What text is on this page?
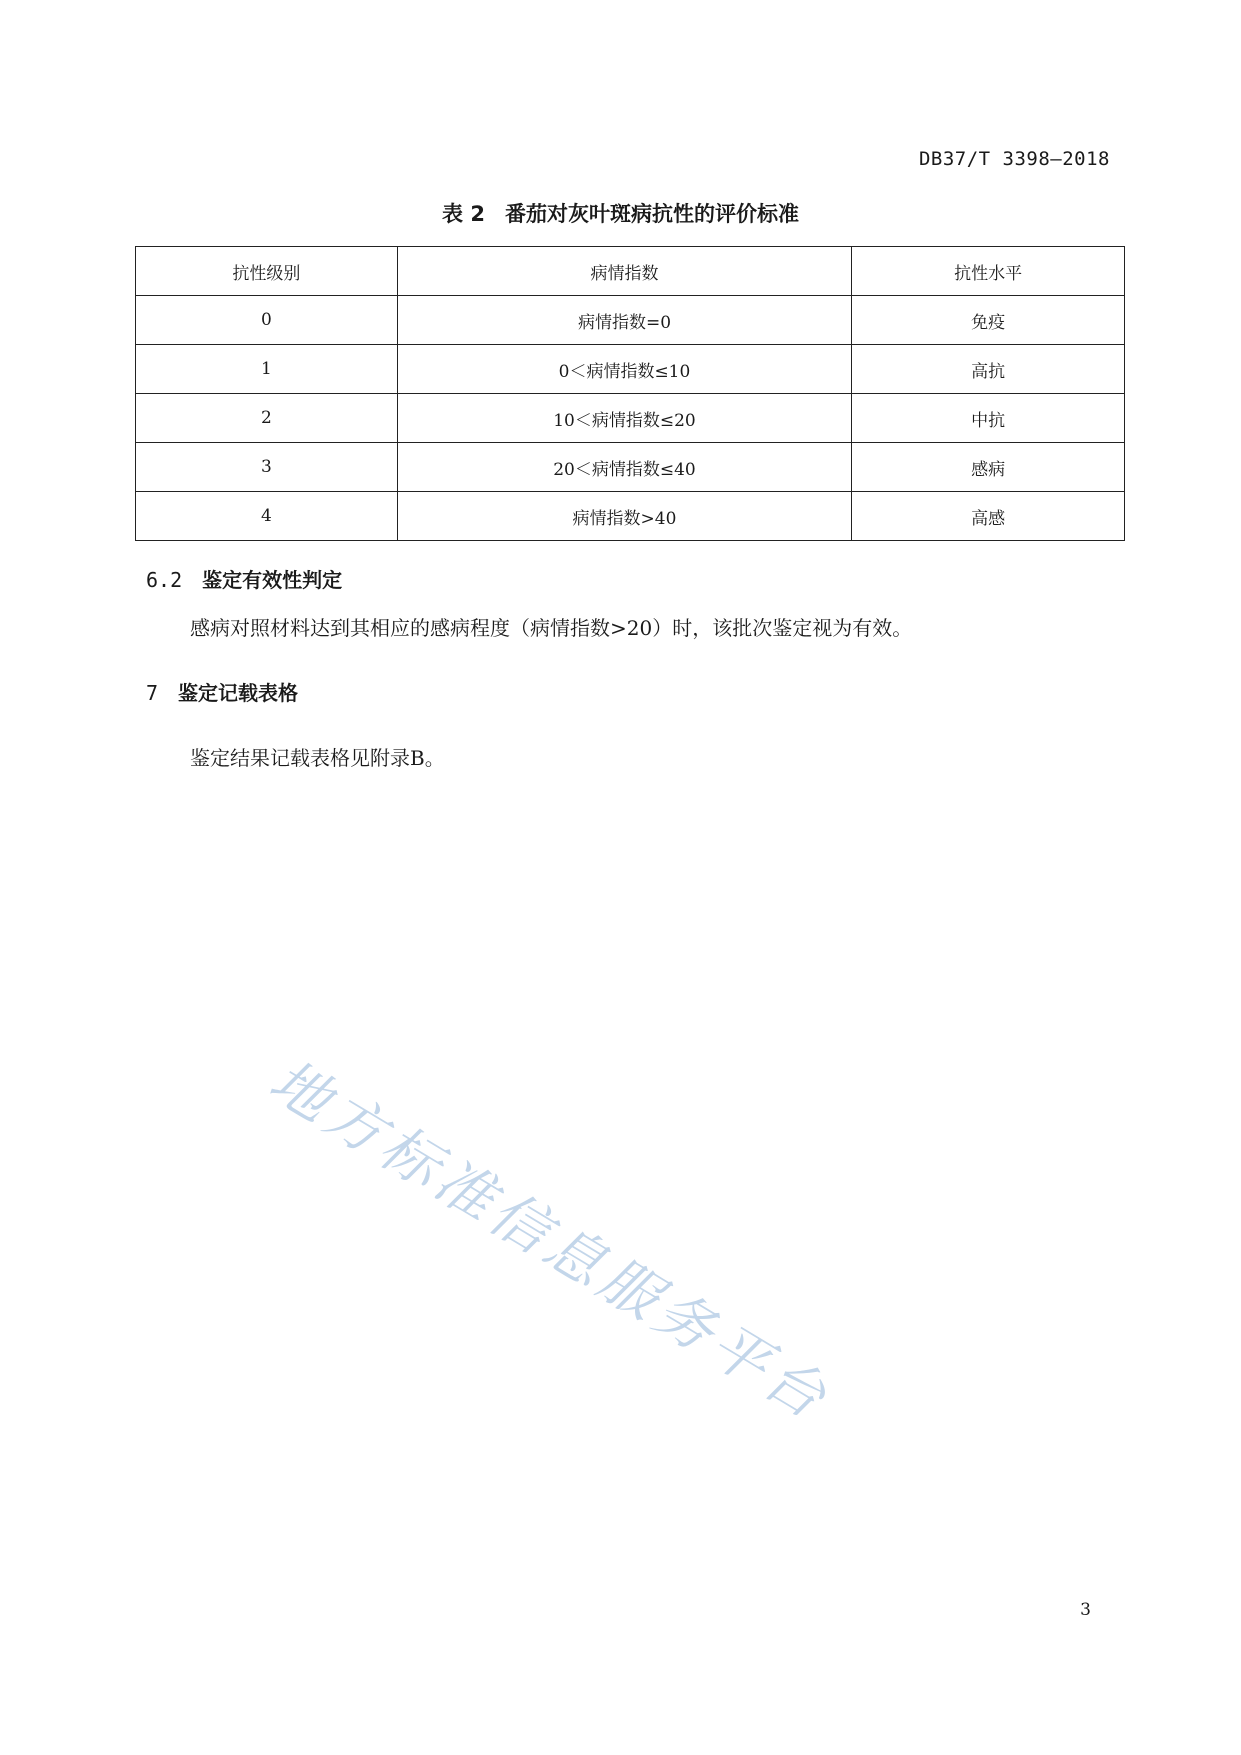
DB37/T 3398—2018
表 2 番茄对灰叶斑病抗性的评价标准
抗性级别	病情指数	抗性水平
0	病情指数=0	免疫
1	0＜病情指数≤10	高抗
2	10＜病情指数≤20	中抗
3	20＜病情指数≤40	感病
4	病情指数>40	高感
6.2 鉴定有效性判定
感病对照材料达到其相应的感病程度（病情指数>20）时，该批次鉴定视为有效。
7 鉴定记载表格
鉴定结果记载表格见附录B。
地方标准信息服务平台
3
